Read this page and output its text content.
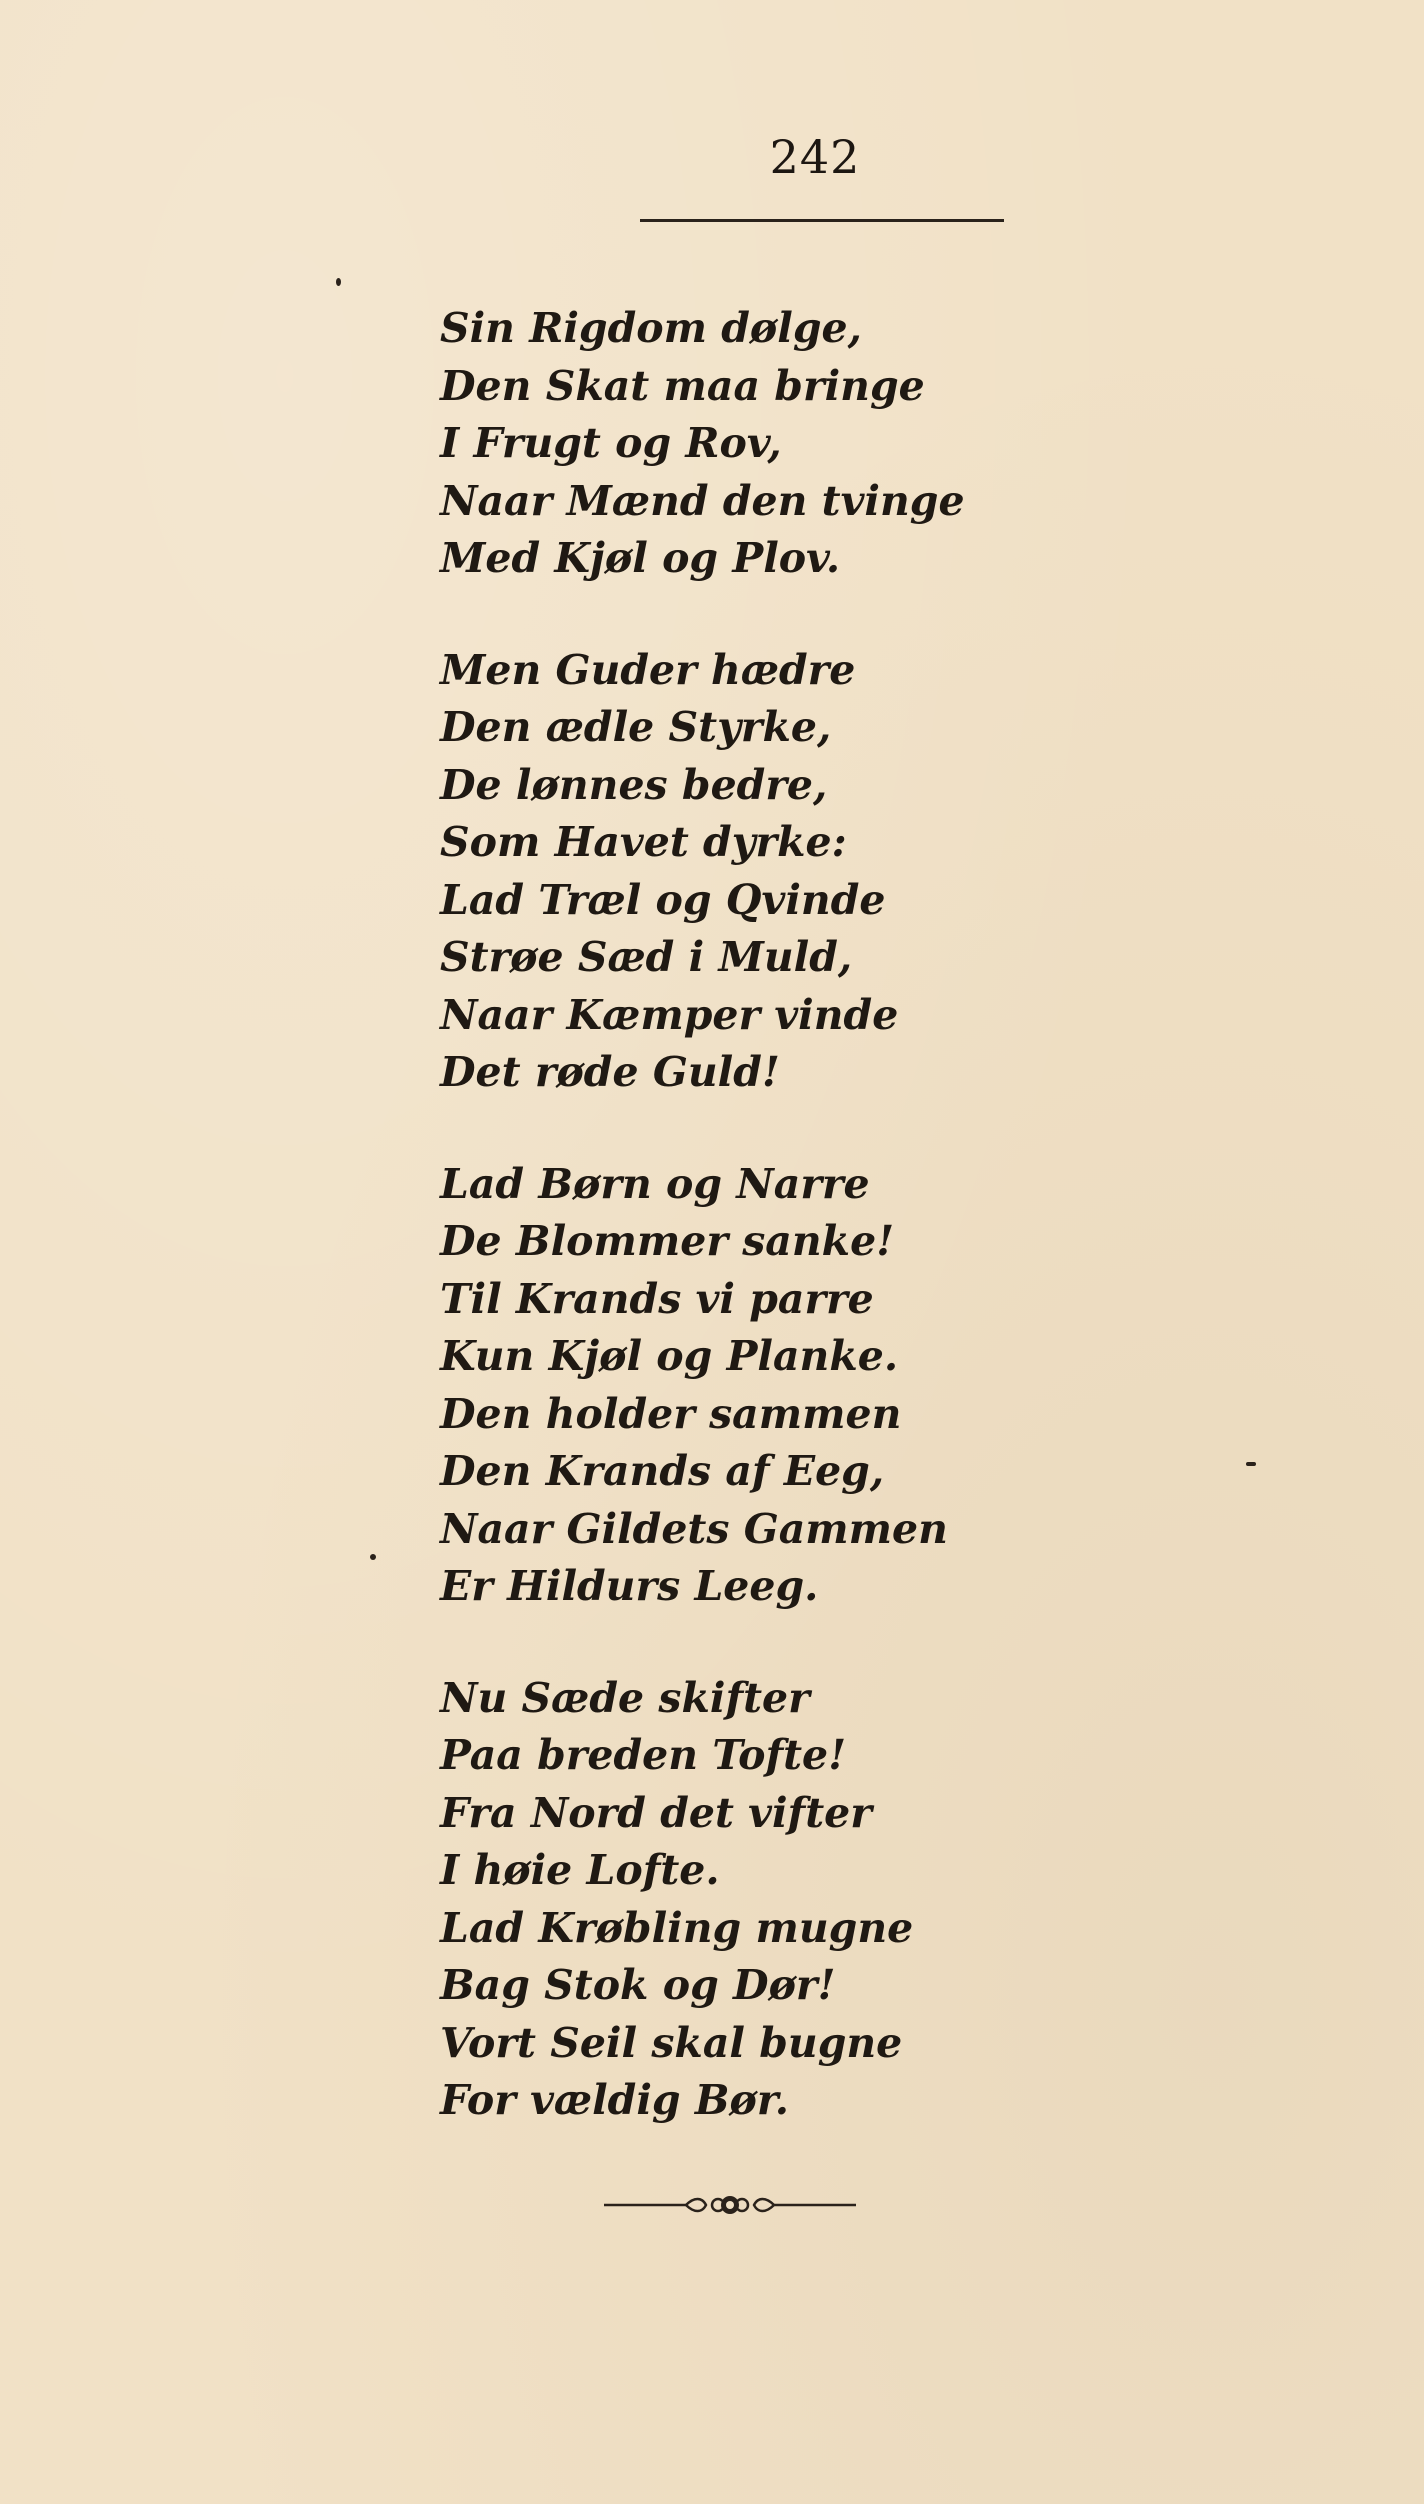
242
Sin Rigdom dølge,
Den Skat maa bringe
I Frugt og Rov,
Naar Mænd den tvinge
Med Kjøl og Plov.
Men Guder hædre
Den ædle Styrke,
De lønnes bedre,
Som Havet dyrke:
Lad Træl og Qvinde
Strøe Sæd i Muld,
Naar Kæmper vinde
Det røde Guld!
Lad Børn og Narre
De Blommer sanke!
Til Krands vi parre
Kun Kjøl og Planke.
Den holder sammen
Den Krands af Eeg,
Naar Gildets Gammen
Er Hildurs Leeg.
Nu Sæde skifter
Paa breden Tofte!
Fra Nord det vifter
I høie Lofte.
Lad Krøbling mugne
Bag Stok og Dør!
Vort Seil skal bugne
For vældig Bør.
